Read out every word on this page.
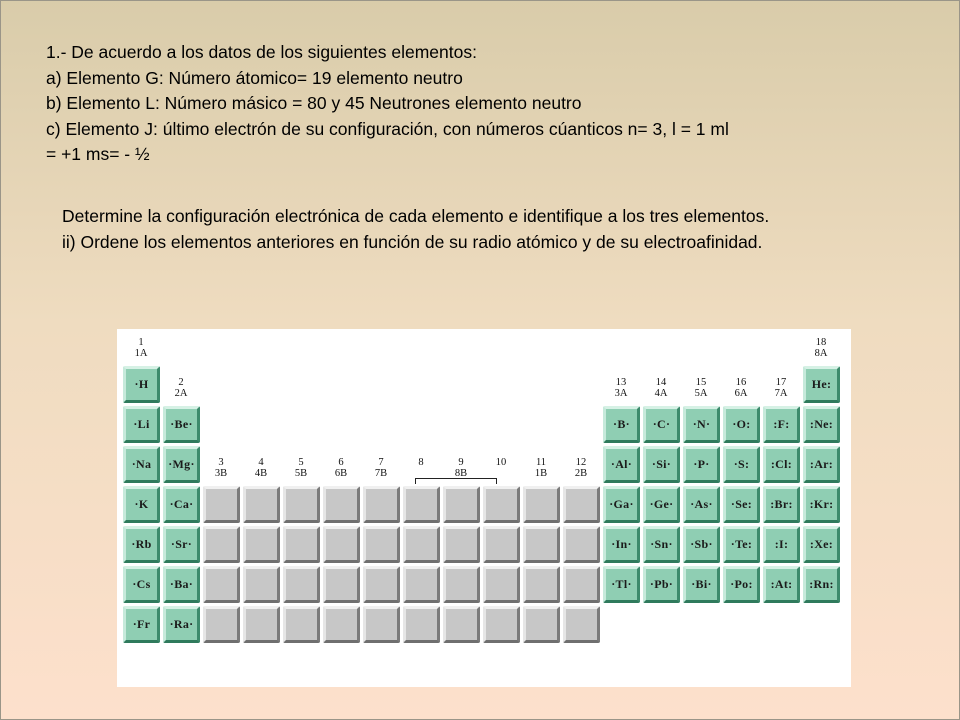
1.- De acuerdo a los datos de los siguientes elementos:
a) Elemento G: Número átomico= 19 elemento neutro
b) Elemento L: Número másico = 80 y 45 Neutrones elemento neutro
c) Elemento J: último electrón de su configuración, con números cúanticos n= 3, l = 1 ml
= +1 ms= - ½
Determine la configuración electrónica de cada elemento e identifique a los tres elementos.
ii) Ordene los elementos anteriores en función de su radio atómico y de su electroafinidad.
1
1A
2
2A
3
3B
4
4B
5
5B
6
6B
7
7B
8	9
8B
10	11
1B
12
2B
13
3A
14
4A
15
5A
16
6A
17
7A
18
8A
·H
·Li
·Na
·K
·Rb
·Cs
·Fr
·Be·
·Mg·
·Ca·
·Sr·
·Ba·
·Ra·
·B·
·Al·
·Ga·
·In·
·Tl·
·C·
·Si·
·Ge·
·Sn·
·Pb·
·N·
·P·
·As·
·Sb·
·Bi·
·O:
·S:
·Se:
·Te:
·Po:
:F:
:Cl:
:Br:
:I:
:At:
He:
:Ne:
:Ar:
:Kr:
:Xe:
:Rn:
